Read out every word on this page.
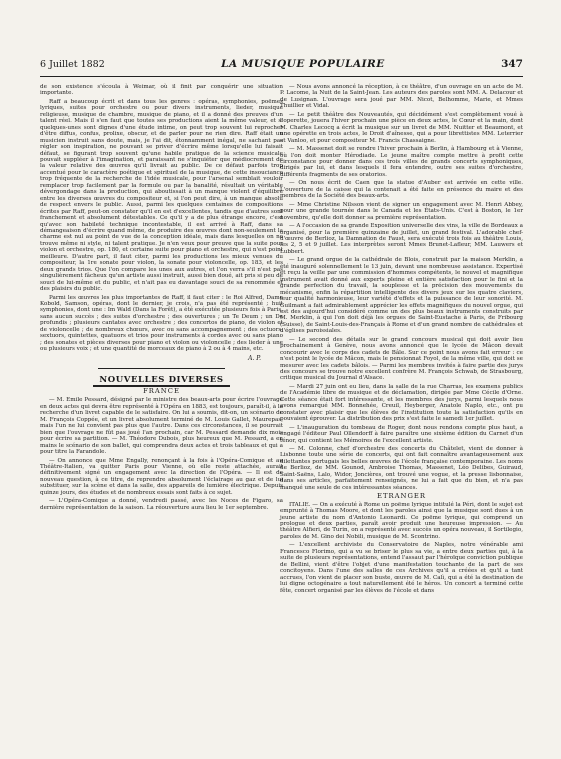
6 Juillet 1882	LA MUSIQUE POPULAIRE	347

de son existence s'écoula à Weimar, où il finit par conquérir une situation importante.

Raff a beaucoup écrit et dans tous les genres : opéras, symphonies, poëmes lyriques, suites pour orchestre ou pour divers instruments, lieder, musique religieuse, musique de chambre, musique de piano, et il a donné des preuves d'un talent réel. Mais il s'en faut que toutes ses productions aient la même valeur, et si quelques-unes sont dignes d'une étude intime, on peut trop souvent lui reprocher d'être diffus, confus, prolixe, obscur, et de parler pour ne rien dire. Raff était un musicien instruit sans doute, mais, je l'ai dit, étonnamment inégal, ne sachant pas régler son inspiration, ne pouvant se priver d'écrire même lorsqu'elle lui faisait défaut, se figurant trop souvent qu'une habile pratique de la science musicale pouvait suppléer à l'imagination, et paraissant ne s'inquiéter que médiocrement de la valeur relative des œuvres qu'il livrait au public. De ce défaut parfois trop accentué pour le caractère poétique et spirituel de la musique, de cette insouciance trop fréquente de la recherche de l'idée musicale, pour l'arsenal semblait vouloir remplacer trop facilement par la formule ou par la banalité, résultait un véritable dévergondage dans la production, qui aboutissait à un manque violent d'équilibre entre les diverses œuvres du compositeur et, si l'on peut dire, à un manque absolu de respect envers le public. Aussi, parmi les quelques centaines de compositions écrites par Raff, peut-on constater qu'il en est d'excellentes, tandis que d'autres sont franchement et absolument détestables. Ce qu'il y a de plus étrange encore, c'est qu'avec son habileté technique incontestable, il est arrivé à Raff, dans sa démangeaison d'écrire quand même, de produire des œuvres dont non-seulement la charme est nul au point de vue de la conception idéale, mais dans lesquelles on ne trouve même ni style, ni talent pratique. Je n'en veux pour preuve que la suite pour violon et orchestre, op. 180, et certaine suite pour piano et orchestre, qui n'est point meilleure. D'autre part, il faut citer, parmi les productions les mieux venues du compositeur, la 1re sonate pour violon, la sonate pour violoncelle, op. 183, et les deux grands trios. Que l'on compare les unes aux autres, et l'on verra s'il n'est pas singulièrement fâcheux qu'un artiste aussi instruit, aussi bien doué, ait pris si peu de souci de lui-même et du public, et n'ait pas eu davantage souci de sa renommée et des plaisirs du public.

Parmi les œuvres les plus importantes de Raff, il faut citer : le Roi Alfred, Dame Kobold, Samson, opéras, dont le dernier, je crois, n'a pas été représenté ; huit symphonies, dont une : Im Wald (Dans la Forêt), a été exécutée plusieurs fois à Paris, sans aucun succès ; des suites d'orchestre ; des ouvertures ; un Te Deum ; un De profundis ; plusieurs cantates avec orchestre ; des concertos de piano, de violon et de violoncelle ; de nombreux chœurs, avec ou sans accompagnement ; des octuors, sextuors, quintettes, quatuors et trios pour instruments à cordes avec ou sans piano ; des sonates et pièces diverses pour piano et violon ou violoncelle ; des lieder à une ou plusieurs voix ; et une quantité de morceaux de piano à 2 ou à 4 mains, etc.

A. P.
NOUVELLES DIVERSES
FRANCE

— M. Emile Pessard, désigné par le ministre des beaux-arts pour écrire l'ouvrage en deux actes qui devra être représenté à l'Opéra en 1883, est toujours, paraît-il, à la recherche d'un livret capable de le satisfaire. On lui a soumis, dit-on, un scénario de M. François Coppée, et un livret absolument terminé de M. Louis Gallet, Maurepas, mais l'un ne lui convient pas plus que l'autre. Dans ces circonstances, il se pourrait bien que l'ouvrage ne fût pas joué l'an prochain, car M. Pessard demande dix mois pour écrire sa partition. — M. Théodore Dubois, plus heureux que M. Pessard, a en mains le scénario de son ballet, qui comprendra deux actes et trois tableaux et qui a pour titre la Farandole.

— On annonce que Mme Engally, renonçant à la fois à l'Opéra-Comique et au Théâtre-Italien, va quitter Paris pour Vienne, où elle reste attachée, aurait définitivement signé un engagement avec la direction de l'Opéra. — Il est de nouveau question, à ce titre, de reprendre absolument l'éclairage au gaz et de lui substituer, sur la scène et dans la salle, des appareils de lumière électrique. Depuis quinze jours, des études et de nombreux essais sont faits à ce sujet.

— L'Opéra-Comique a donné, vendredi passé, avec les Noces de Figaro, sa dernière représentation de la saison. La réouverture aura lieu le 1er septembre.

— Nous avons annoncé la réception, à ce théâtre, d'un ouvrage en un acte de M. P. Lacome, la Nuit de la Saint-Jean. Les auteurs des paroles sont MM. A. Delacour et de Lusignan. L'ouvrage sera joué par MM. Nicot, Belhomme, Marie, et Mmes Thuillier et Vidal.

— Le petit théâtre des Nouveautés, qui décidément s'est complètement voué à l'operette, jouera l'hiver prochain une pièce en deux actes, le Cœur et la main, dont M. Charles Lecocq a écrit la musique sur un livret de MM. Nuitter et Beaumont, et une opérette en trois actes, le Droit d'aînesse, qui a pour librettistes MM. Leterrier et Vanloo, et pour compositeur M. Francis Chassaigne.

— M. Massenet doit se rendre l'hiver prochain à Berlin, à Hambourg et à Vienne, où l'on doit monter Hérodiade. Le jeune maître compte mettre à profit cette circonstance pour donner dans ces trois villes de grands concerts symphoniques, dirigés par lui, et dans lesquels il fera entendre, outre ses suites d'orchestre, différents fragments de ses oratorios.

— On nous écrit de Caen que la statue d'Auber est arrivée en cette ville. L'ouverture de la caisse qui la contenait a été faite en présence du maire et des membres de la Société des beaux-arts.

— Mme Christine Nilsson vient de signer un engagement avec M. Henri Abbey, pour une grande tournée dans le Canada et les États-Unis. C'est à Boston, le 1er novembre, qu'elle doit donner sa première représentation.

— A l'occasion de sa grande Exposition universelle des vins, la ville de Bordeaux a organisé, pour la première quinzaine de juillet, un grand festival. L'adorable chef-d'œuvre de Berlioz, la Damnation de Faust, sera exécuté trois fois au théâtre Louis, les 2, 5 et 9 juillet. Les interprètes seront Mmes Brunet-Lafleur, MM. Lauwers et Lubbert.

— Le grand orgue de la cathédrale de Blois, construit par la maison Merklin, a été inauguré solennellement le 13 juin, devant une nombreuse assistance. Expertisé et reçu la veille par une commission d'hommes compétents, le nouvel et magnifique instrument avait donné aux experts pleine et entière satisfaction pour le fini et la grande perfection du travail, la souplesse et la précision des mouvements du mécanisme, enfin la répartition intelligente des divers jeux sur les quatre claviers, leur qualité harmonieuse, leur variété d'effets et la puissance de leur sonorité. M. Guilmant a fait admirablement apprécier les effets magnifiques du nouvel orgue, qui est des aujourd'hui considéré comme un des plus beaux instruments construits par M. Merklin, à qui l'on doit déjà les orgues de Saint-Eustache à Paris, de Fribourg (Suisse), de Saint-Louis-des-Français à Rome et d'un grand nombre de cathédrales et d'églises paroissiales.

— Le second des détails sur le grand concours musical qui doit avoir lieu prochainement à Genève, nous avons annoncé que le lycée de Mâcon devait concourir avec le corps des cadets de Bâle. Sur ce point nous avons fait erreur : ce n'est point le lycée de Mâcon, mais le pensionnat Foyol, de la même ville, qui doit se mesurer avec les cadets bâlois. — Parmi les membres invités à faire partie des jurys des concours se trouve notre excellent confrère M. François Schwab, de Strasbourg, critique musical du Journal d'Alsace.

— Mardi 27 juin ont eu lieu, dans la salle de la rue Charras, les examens publics de l'Académie libre de musique et de déclamation, dirigée par Mme Cécile d'Orne. Cette séance était fort intéressante, et les membres des jurys, parmi lesquels nous avons remarqué MM. Bonnehée, Creuil, Heyberger, Anatole Naplo, etc., ont pu constater avec plaisir que les élèves de l'institution toute la satisfaction qu'ils en pouvaient éprouver. La distribution des prix s'est faite le samedi 1er juillet.

— L'inauguration du tombeau de Roger, dont nous rendons compte plus haut, a engagé l'éditeur Paul Ollendorff à faire paraître une sixième édition du Carnet d'un ténor, qui contient les Mémoires de l'excellent artiste.

— M. Colonne, chef d'orchestre des concerts du Châtelet, vient de donner à Lisbonne toute une série de concerts, qui ont fait connaître avantageusement aux dilettantes portugais les belles œuvres de l'école française contemporaine. Les noms de Berlioz, de MM. Gounod, Ambroise Thomas, Massenet, Léo Delibes, Guiraud, Saint-Saëns, Lalo, Widor, Joncières, ont trouvé une vogue, et la presse lisbonnaise, dans ses articles, parfaitement renseignés, ne lui a fait que du bien, et n'a pas manqué une seule de ces intéressantes séances.

ETRANGER

ITALIE. — On a exécuté à Rome un poëme lyrique intitulé la Péri, dont le sujet est emprunté à Thomas Moore, et dont les paroles ainsi que la musique sont dues à un jeune artiste du nom d'Antonio Leonardi. Ce poëme lyrique, qui comprend un prologue et deux parties, paraît avoir produit une heureuse impression. — Au théâtre Alfieri, de Turin, on a représenté avec succès un opéra nouveau, il Sortilegio, paroles de M. Gino dei Nobili, musique de M. Scontrino.

— L'excellent archiviste du Conservatoire de Naples, notre vénérable ami Francesco Florimo, qui a vu se briser le plus sa vie, a entre deux parties qui, à la suite de plusieurs représentations, entend l'assaut par l'héroïque conviction publique de Bellini, vient d'être l'objet d'une manifestation touchante de la part de ses concitoyens. Dans l'une des salles de ces Archives qu'il a créées et qu'il a tant accrues, l'on vient de placer son buste, œuvre de M. Calì, qui a été la destination de lui digne octogénaire a tout naturellement été le héros. Un concert a terminé cette fête, concert organisé par les élèves de l'école et dans
